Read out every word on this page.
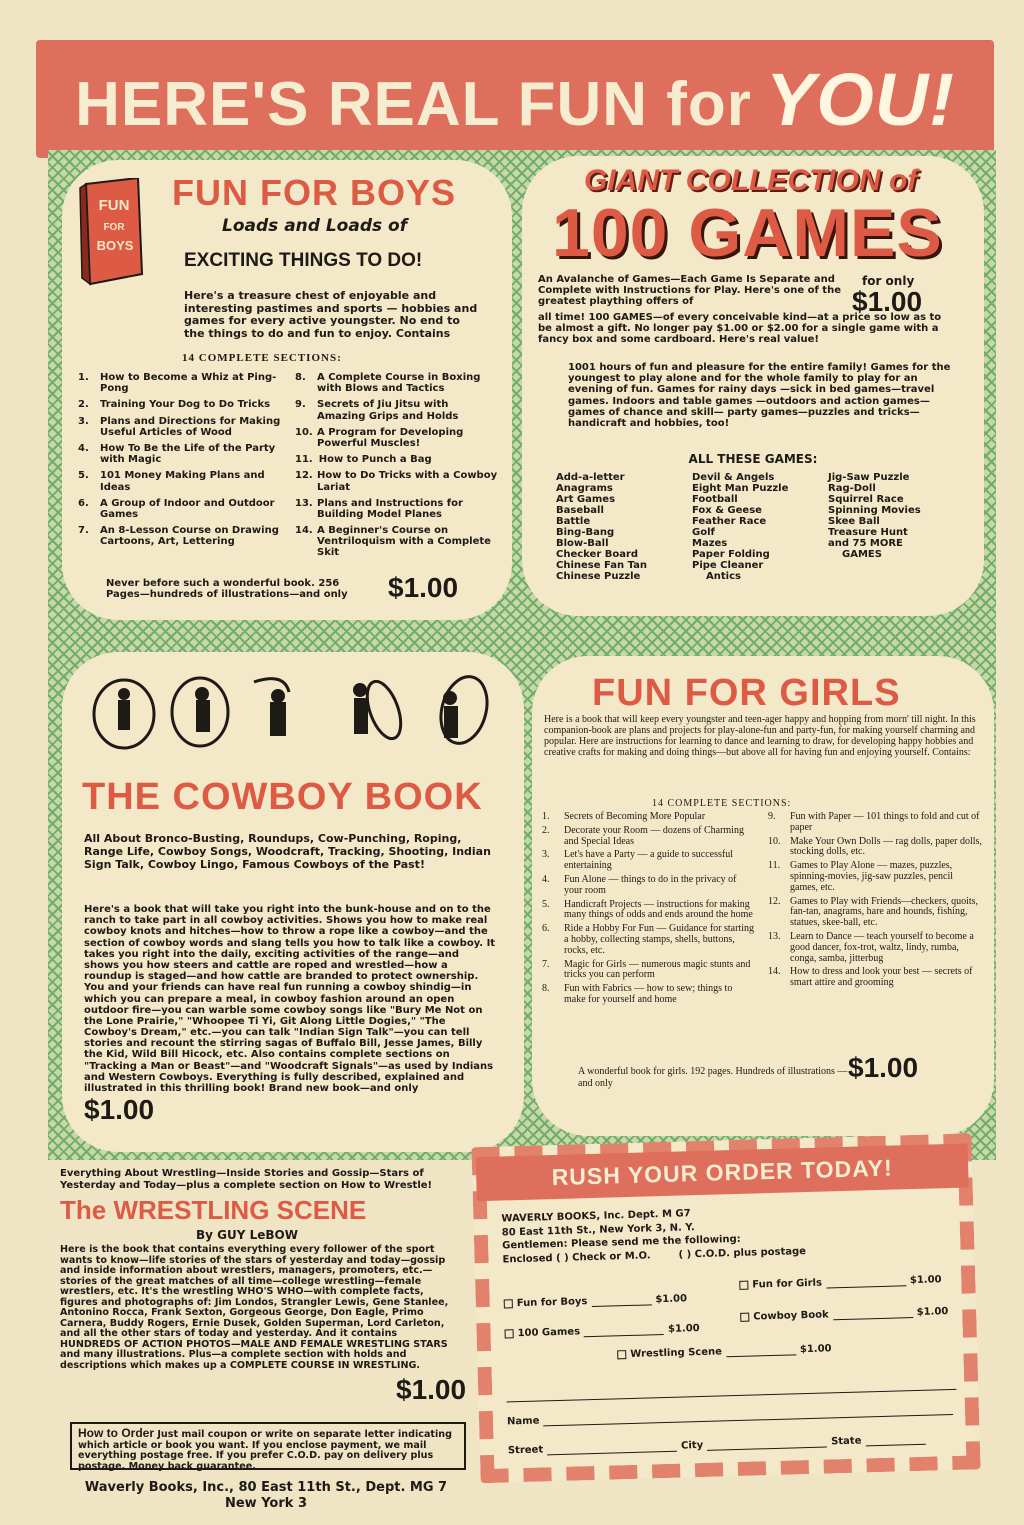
HERE'S REAL FUN for YOU!
FUN
FOR
BOYS
FUN FOR BOYS
Loads and Loads of
EXCITING THINGS TO DO!
Here's a treasure chest of enjoyable and interesting pastimes and sports — hobbies and games for every active youngster. No end to the things to do and fun to enjoy. Contains
14 COMPLETE SECTIONS:
1.	How to Become a Whiz at Ping-Pong
2.	Training Your Dog to Do Tricks
3.	Plans and Directions for Making Useful Articles of Wood
4.	How To Be the Life of the Party with Magic
5.	101 Money Making Plans and Ideas
6.	A Group of Indoor and Outdoor Games
7.	An 8-Lesson Course on Drawing Cartoons, Art, Lettering
8.	A Complete Course in Boxing with Blows and Tactics
9.	Secrets of Jiu Jitsu with Amazing Grips and Holds
10. A Program for Developing Powerful Muscles!
11. How to Punch a Bag
12. How to Do Tricks with a Cowboy Lariat
13. Plans and Instructions for Building Model Planes
14. A Beginner's Course on Ventriloquism with a Complete Skit
Never before such a wonderful book. 256 Pages—hundreds of illustrations—and only $1.00
GIANT COLLECTION of
100 GAMES
An Avalanche of Games—Each Game Is Separate and Complete with Instructions for Play. Here's one of the greatest plaything offers of
for only
$1.00
all time! 100 GAMES—of every conceivable kind—at a price so low as to be almost a gift. No longer pay $1.00 or $2.00 for a single game with a fancy box and some cardboard. Here's real value!
1001 hours of fun and pleasure for the entire family! Games for the youngest to play alone and for the whole family to play for an evening of fun. Games for rainy days —sick in bed games—travel games. Indoors and table games —outdoors and action games—games of chance and skill— party games—puzzles and tricks—handicraft and hobbies, too!
ALL THESE GAMES:
Add-a-letter
Anagrams
Art Games
Baseball
Battle
Bing-Bang
Blow-Ball
Checker Board
Chinese Fan Tan
Chinese Puzzle
Devil & Angels
Eight Man Puzzle
Football
Fox & Geese
Feather Race
Golf
Mazes
Paper Folding
Pipe Cleaner
Antics
Jig-Saw Puzzle
Rag-Doll
Squirrel Race
Spinning Movies
Skee Ball
Treasure Hunt
and 75 MORE
GAMES
THE COWBOY BOOK
All About Bronco-Busting, Roundups, Cow-Punching, Roping, Range Life, Cowboy Songs, Woodcraft, Tracking, Shooting, Indian Sign Talk, Cowboy Lingo, Famous Cowboys of the Past!
Here's a book that will take you right into the bunk-house and on to the ranch to take part in all cowboy activities. Shows you how to make real cowboy knots and hitches—how to throw a rope like a cowboy—and the section of cowboy words and slang tells you how to talk like a cowboy. It takes you right into the daily, exciting activities of the range—and shows you how steers and cattle are roped and wrestled—how a roundup is staged—and how cattle are branded to protect ownership. You and your friends can have real fun running a cowboy shindig—in which you can prepare a meal, in cowboy fashion around an open outdoor fire—you can warble some cowboy songs like "Bury Me Not on the Lone Prairie," "Whoopee Ti Yi, Git Along Little Dogies," "The Cowboy's Dream," etc.—you can talk "Indian Sign Talk"—you can tell stories and recount the stirring sagas of Buffalo Bill, Jesse James, Billy the Kid, Wild Bill Hicock, etc. Also contains complete sections on "Tracking a Man or Beast"—and "Woodcraft Signals"—as used by Indians and Western Cowboys. Everything is fully described, explained and illustrated in this thrilling book! Brand new book—and only
$1.00
FUN FOR GIRLS
Here is a book that will keep every youngster and teen-ager happy and hopping from morn' till night. In this companion-book are plans and projects for play-alone-fun and party-fun, for making yourself charming and popular. Here are instructions for learning to dance and learning to draw, for developing happy hobbies and creative crafts for making and doing things—but above all for having fun and enjoying yourself. Contains:
14 COMPLETE SECTIONS:
1.	Secrets of Becoming More Popular
2.	Decorate your Room — dozens of Charming and Special Ideas
3.	Let's have a Party — a guide to successful entertaining
4.	Fun Alone — things to do in the privacy of your room
5.	Handicraft Projects — instructions for making many things of odds and ends around the home
6.	Ride a Hobby For Fun — Guidance for starting a hobby, collecting stamps, shells, buttons, rocks, etc.
7.	Magic for Girls — numerous magic stunts and tricks you can perform
8.	Fun with Fabrics — how to sew; things to make for yourself and home
9.	Fun with Paper — 101 things to fold and cut of paper
10. Make Your Own Dolls — rag dolls, paper dolls, stocking dolls, etc.
11. Games to Play Alone — mazes, puzzles, spinning-movies, jig-saw puzzles, pencil games, etc.
12. Games to Play with Friends—checkers, quoits, fan-tan, anagrams, hare and hounds, fishing, statues, skee-ball, etc.
13. Learn to Dance — teach yourself to become a good dancer, fox-trot, waltz, lindy, rumba, conga, samba, jitterbug
14. How to dress and look your best — secrets of smart attire and grooming
A wonderful book for girls. 192 pages. Hundreds of illustrations — and only	$1.00
Everything About Wrestling—Inside Stories and Gossip—Stars of Yesterday and Today—plus a complete section on How to Wrestle!
The WRESTLING SCENE
By GUY LeBOW
Here is the book that contains everything every follower of the sport wants to know—life stories of the stars of yesterday and today—gossip and inside information about wrestlers, managers, promoters, etc.—stories of the great matches of all time—college wrestling—female wrestlers, etc. It's the wrestling WHO'S WHO—with complete facts, figures and photographs of: Jim Londos, Strangler Lewis, Gene Stanlee, Antonino Rocca, Frank Sexton, Gorgeous George, Don Eagle, Primo Carnera, Buddy Rogers, Ernie Dusek, Golden Superman, Lord Carleton, and all the other stars of today and yesterday. And it contains HUNDREDS OF ACTION PHOTOS—MALE AND FEMALE WRESTLING STARS and many illustrations. Plus—a complete section with holds and descriptions which makes up a COMPLETE COURSE IN WRESTLING.
$1.00
How to Order Just mail coupon or write on separate letter indicating which article or book you want. If you enclose payment, we mail everything postage free. If you prefer C.O.D. pay on delivery plus postage. Money back guarantee.
Waverly Books, Inc., 80 East 11th St., Dept. MG 7
New York 3
RUSH YOUR ORDER TODAY!
WAVERLY BOOKS, Inc. Dept. M G7
80 East 11th St., New York 3, N. Y.
Gentlemen: Please send me the following:
Enclosed ( ) Check or M.O.	( ) C.O.D. plus postage
Fun for Boys	$1.00
Fun for Girls	$1.00
100 Games	$1.00
Cowboy Book	$1.00
Wrestling Scene	$1.00
Name
Street	City	State
